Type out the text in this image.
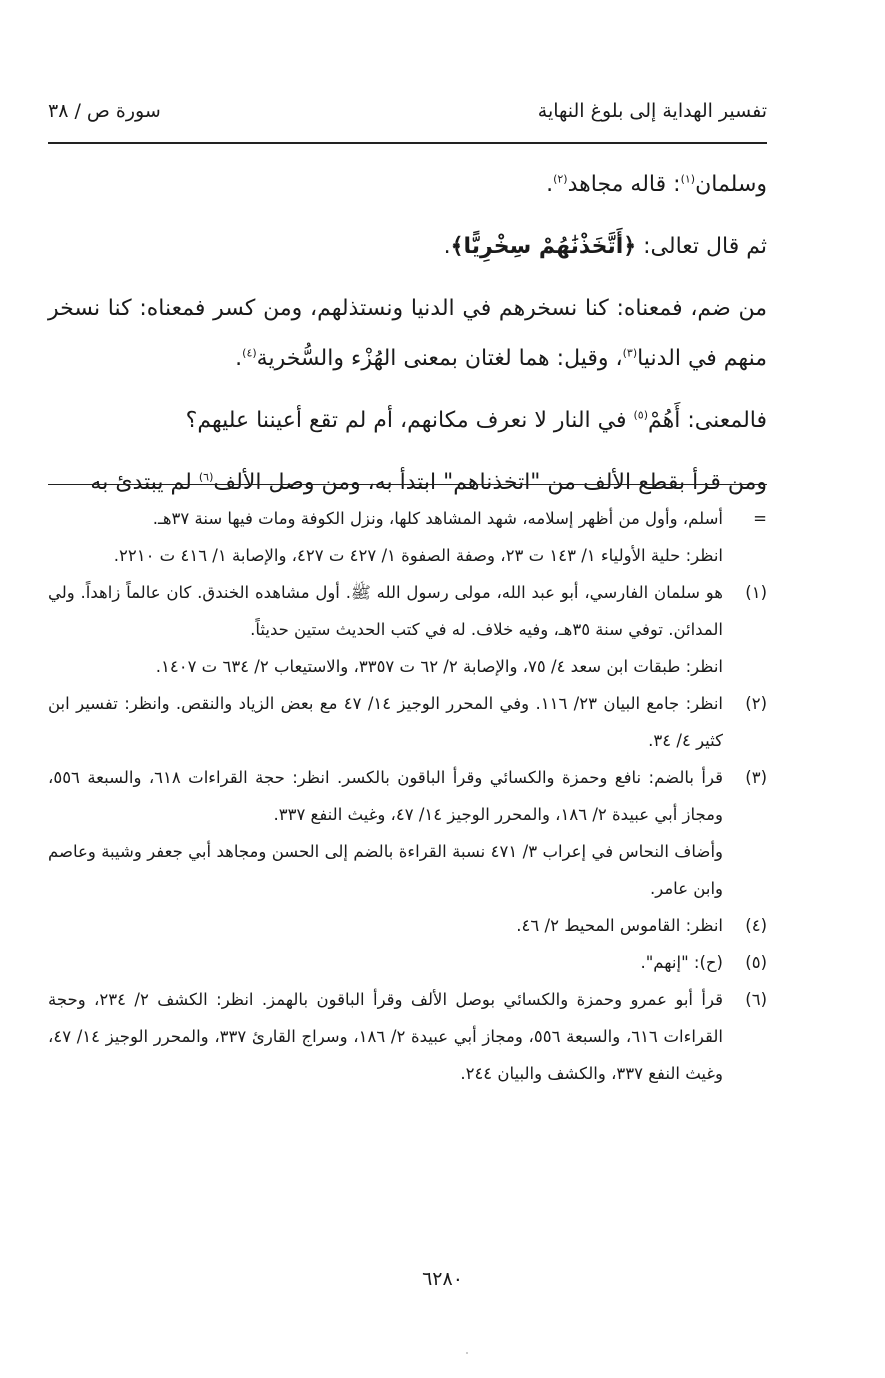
تفسير الهداية إلى بلوغ النهاية
سورة ص / ٣٨

وسلمان$^{(١)}$: قاله مجاهد$^{(٢)}$.

ثم قال تعالى: ﴿أَتَّخَذْنَٰهُمْ سِخْرِيًّا﴾.

من ضم، فمعناه: كنا نسخرهم في الدنيا ونستذلهم، ومن كسر فمعناه: كنا نسخر منهم في الدنيا$^{(٣)}$، وقيل: هما لغتان بمعنى الهُزْء والسُّخرية$^{(٤)}$.

فالمعنى: أَهُمْ$^{(٥)}$ في النار لا نعرف مكانهم، أم لم تقع أعيننا عليهم؟

ومن قرأ بقطع الألف من "اتخذناهم" ابتدأ به، ومن وصل الألف$^{(٦)}$ لم يبتدئ به

=
أسلم، وأول من أظهر إسلامه، شهد المشاهد كلها، ونزل الكوفة ومات فيها سنة ٣٧هـ.
انظر: حلية الأولياء ١/ ١٤٣ ت ٢٣، وصفة الصفوة ١/ ٤٢٧ ت ٤٢٧، والإصابة ١/ ٤١٦ ت ٢٢١٠.
(١)
هو سلمان الفارسي، أبو عبد الله، مولى رسول الله ﷺ. أول مشاهده الخندق. كان عالماً زاهداً. ولي المدائن. توفي سنة ٣٥هـ، وفيه خلاف. له في كتب الحديث ستين حديثاً.
انظر: طبقات ابن سعد ٤/ ٧٥، والإصابة ٢/ ٦٢ ت ٣٣٥٧، والاستيعاب ٢/ ٦٣٤ ت ١٤٠٧.
(٢)
انظر: جامع البيان ٢٣/ ١١٦. وفي المحرر الوجيز ١٤/ ٤٧ مع بعض الزياد والنقص. وانظر: تفسير ابن كثير ٤/ ٣٤.
(٣)
قرأ بالضم: نافع وحمزة والكسائي وقرأ الباقون بالكسر. انظر: حجة القراءات ٦١٨، والسبعة ٥٥٦، ومجاز أبي عبيدة ٢/ ١٨٦، والمحرر الوجيز ١٤/ ٤٧، وغيث النفع ٣٣٧.
وأضاف النحاس في إعراب ٣/ ٤٧١ نسبة القراءة بالضم إلى الحسن ومجاهد أبي جعفر وشيبة وعاصم وابن عامر.
(٤)
انظر: القاموس المحيط ٢/ ٤٦.
(٥)
(ح): "إنهم".
(٦)
قرأ أبو عمرو وحمزة والكسائي بوصل الألف وقرأ الباقون بالهمز. انظر: الكشف ٢/ ٢٣٤، وحجة القراءات ٦١٦، والسبعة ٥٥٦، ومجاز أبي عبيدة ٢/ ١٨٦، وسراج القارئ ٣٣٧، والمحرر الوجيز ١٤/ ٤٧، وغيث النفع ٣٣٧، والكشف والبيان ٢٤٤.
٦٢٨٠
